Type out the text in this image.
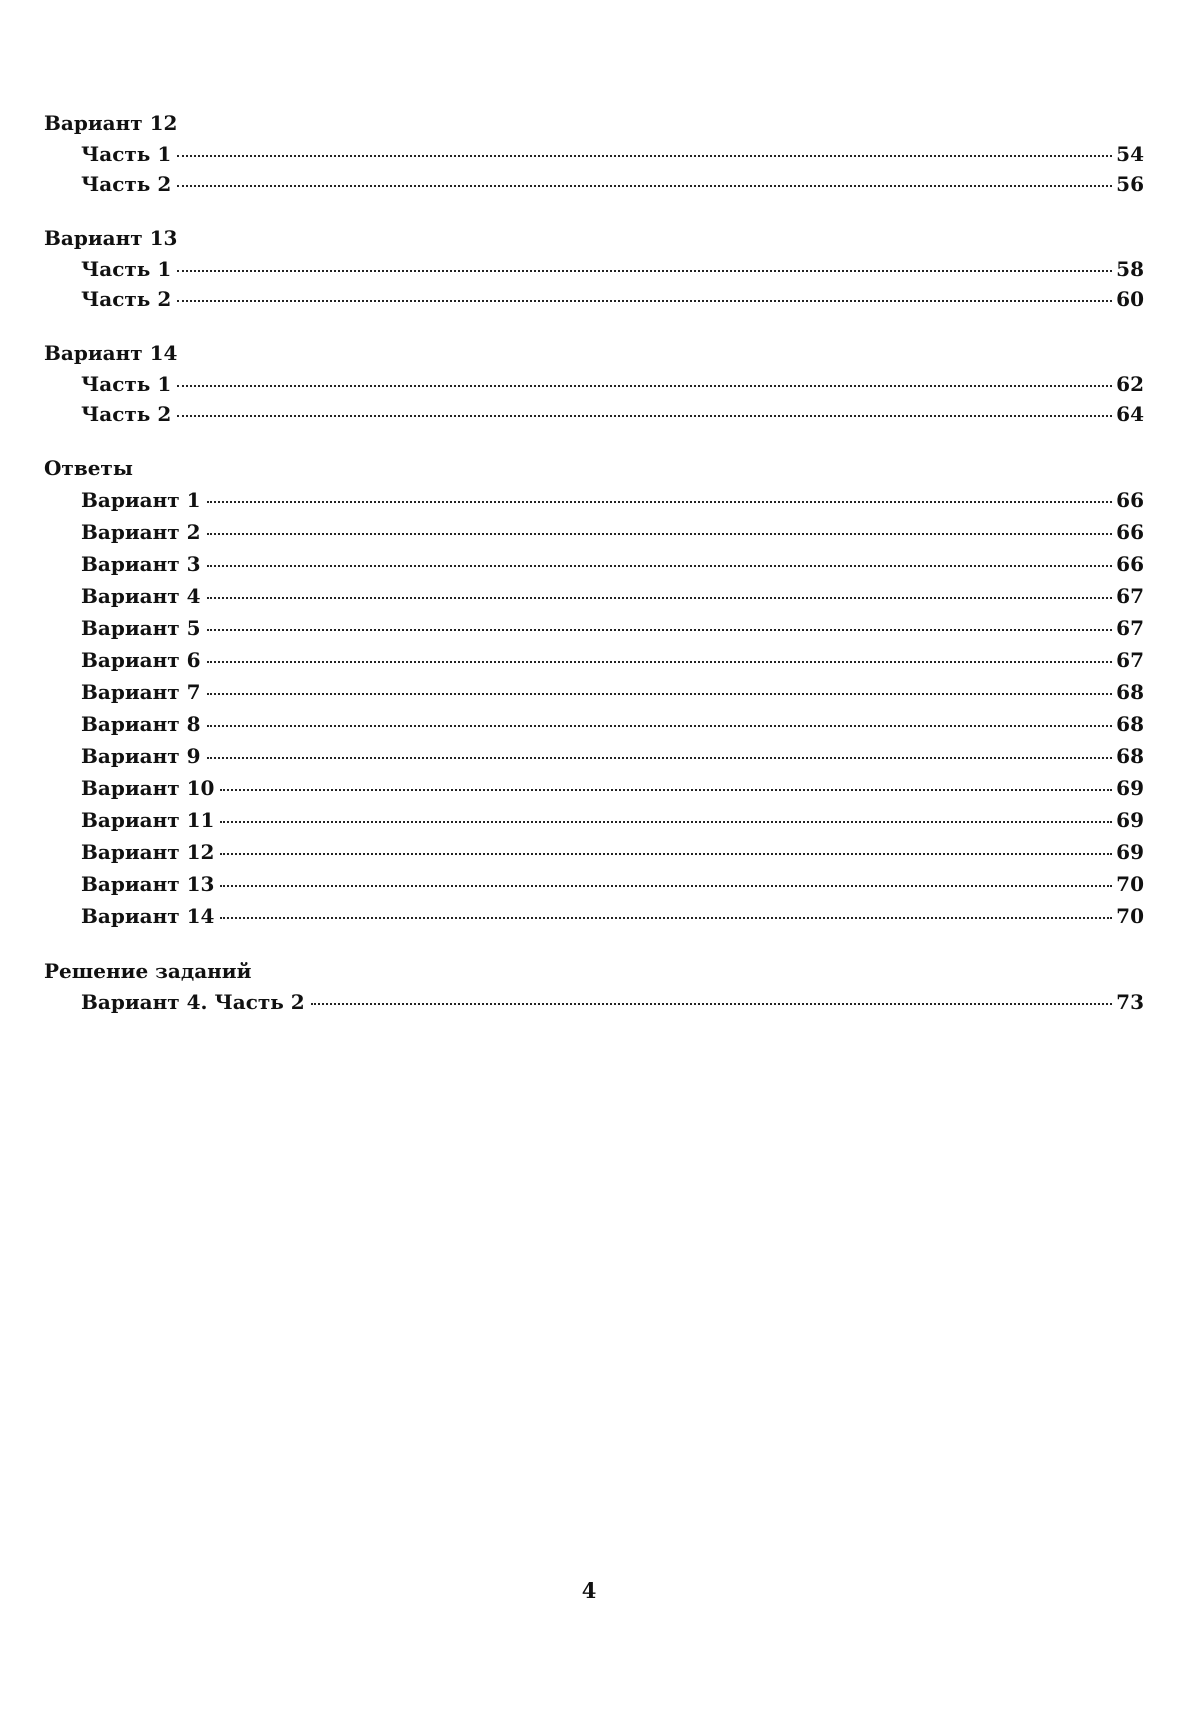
Вариант 12
Часть 1	54
Часть 2	56
Вариант 13
Часть 1	58
Часть 2	60
Вариант 14
Часть 1	62
Часть 2	64
Ответы
Вариант 1	66
Вариант 2	66
Вариант 3	66
Вариант 4	67
Вариант 5	67
Вариант 6	67
Вариант 7	68
Вариант 8	68
Вариант 9	68
Вариант 10	69
Вариант 11	69
Вариант 12	69
Вариант 13	70
Вариант 14	70
Решение заданий
Вариант 4. Часть 2	73
4
